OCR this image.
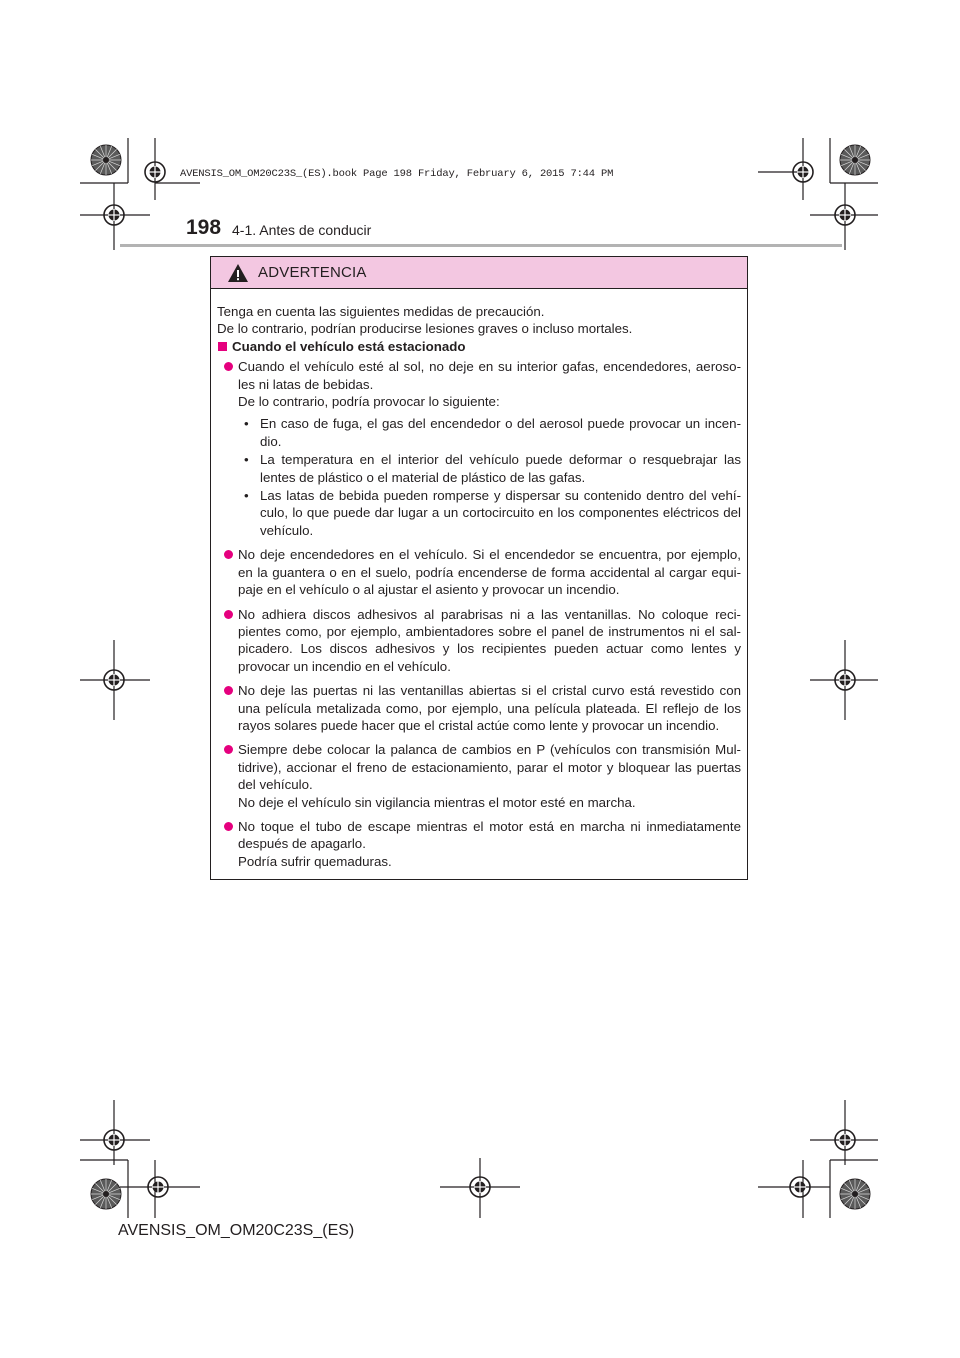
AVENSIS_OM_OM20C23S_(ES).book Page 198 Friday, February 6, 2015 7:44 PM
198 4-1. Antes de conducir
ADVERTENCIA

Tenga en cuenta las siguientes medidas de precaución.

De lo contrario, podrían producirse lesiones graves o incluso mortales.

Cuando el vehículo está estacionado
Cuando el vehículo esté al sol, no deje en su interior gafas, encendedores, aeroso-les ni latas de bebidas.
De lo contrario, podría provocar lo siguiente:
• En caso de fuga, el gas del encendedor o del aerosol puede provocar un incen-dio.
• La temperatura en el interior del vehículo puede deformar o resquebrajar las lentes de plástico o el material de plástico de las gafas.
• Las latas de bebida pueden romperse y dispersar su contenido dentro del vehí-culo, lo que puede dar lugar a un cortocircuito en los componentes eléctricos del vehículo.
No deje encendedores en el vehículo. Si el encendedor se encuentra, por ejemplo, en la guantera o en el suelo, podría encenderse de forma accidental al cargar equi-paje en el vehículo o al ajustar el asiento y provocar un incendio.
No adhiera discos adhesivos al parabrisas ni a las ventanillas. No coloque reci-pientes como, por ejemplo, ambientadores sobre el panel de instrumentos ni el sal-picadero. Los discos adhesivos y los recipientes pueden actuar como lentes y provocar un incendio en el vehículo.
No deje las puertas ni las ventanillas abiertas si el cristal curvo está revestido con una película metalizada como, por ejemplo, una película plateada. El reflejo de los rayos solares puede hacer que el cristal actúe como lente y provocar un incendio.
Siempre debe colocar la palanca de cambios en P (vehículos con transmisión Mul-tidrive), accionar el freno de estacionamiento, parar el motor y bloquear las puertas del vehículo.
No deje el vehículo sin vigilancia mientras el motor esté en marcha.
No toque el tubo de escape mientras el motor está en marcha ni inmediatamente después de apagarlo.
Podría sufrir quemaduras.
AVENSIS_OM_OM20C23S_(ES)
